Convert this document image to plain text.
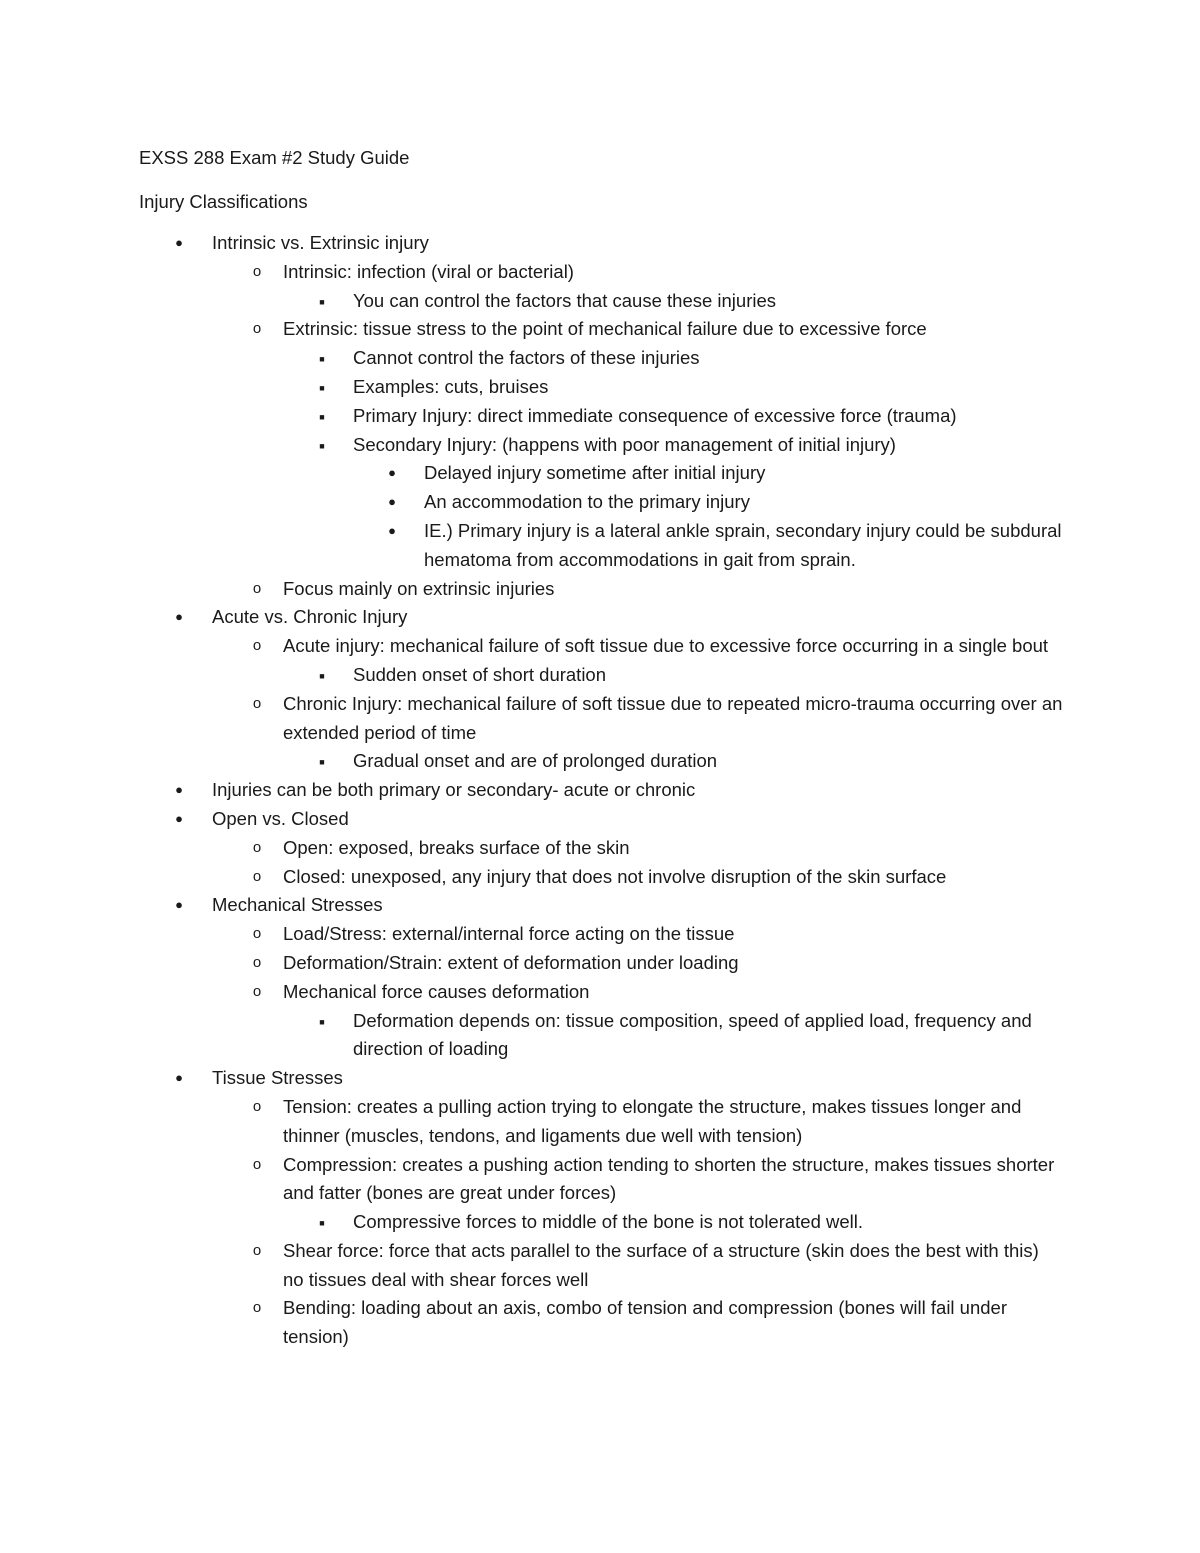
EXSS 288 Exam #2 Study Guide
Injury Classifications
● Intrinsic vs. Extrinsic injury
o Intrinsic: infection (viral or bacterial)
■ You can control the factors that cause these injuries
o Extrinsic: tissue stress to the point of mechanical failure due to excessive force
■ Cannot control the factors of these injuries
■ Examples: cuts, bruises
■ Primary Injury: direct immediate consequence of excessive force (trauma)
■ Secondary Injury: (happens with poor management of initial injury)
● Delayed injury sometime after initial injury
● An accommodation to the primary injury
● IE.) Primary injury is a lateral ankle sprain, secondary injury could be subdural hematoma from accommodations in gait from sprain.
o Focus mainly on extrinsic injuries
● Acute vs. Chronic Injury
o Acute injury: mechanical failure of soft tissue due to excessive force occurring in a single bout
■ Sudden onset of short duration
o Chronic Injury: mechanical failure of soft tissue due to repeated micro-trauma occurring over an extended period of time
■ Gradual onset and are of prolonged duration
● Injuries can be both primary or secondary- acute or chronic
● Open vs. Closed
o Open: exposed, breaks surface of the skin
o Closed: unexposed, any injury that does not involve disruption of the skin surface
● Mechanical Stresses
o Load/Stress: external/internal force acting on the tissue
o Deformation/Strain: extent of deformation under loading
o Mechanical force causes deformation
■ Deformation depends on: tissue composition, speed of applied load, frequency and direction of loading
● Tissue Stresses
o Tension: creates a pulling action trying to elongate the structure, makes tissues longer and thinner (muscles, tendons, and ligaments due well with tension)
o Compression: creates a pushing action tending to shorten the structure, makes tissues shorter and fatter (bones are great under forces)
■ Compressive forces to middle of the bone is not tolerated well.
o Shear force: force that acts parallel to the surface of a structure (skin does the best with this) no tissues deal with shear forces well
o Bending: loading about an axis, combo of tension and compression (bones will fail under tension)
